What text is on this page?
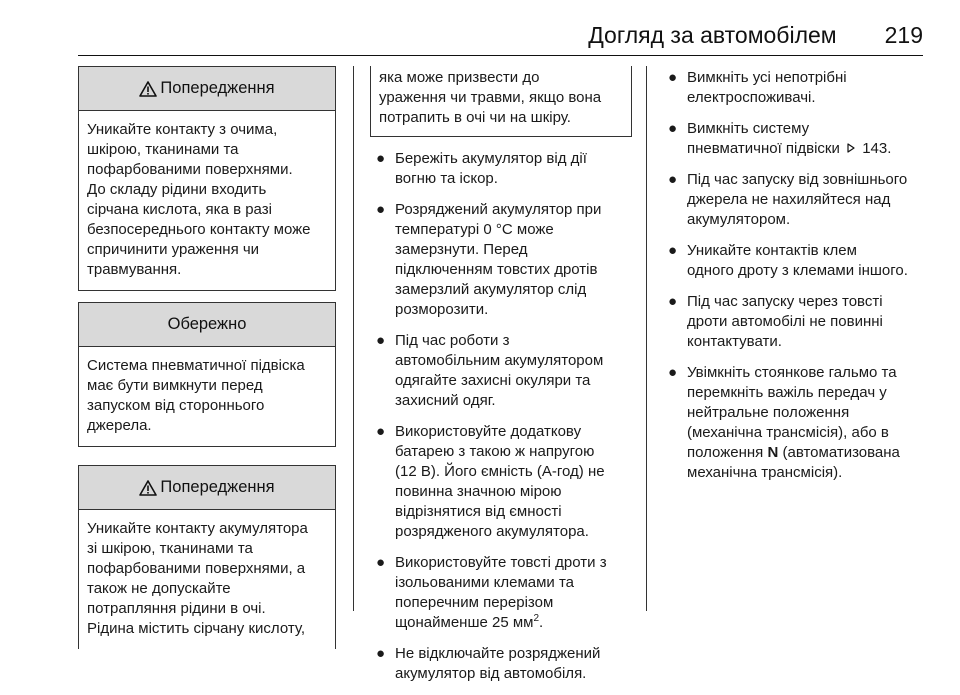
Догляд за автомобілем 219
Попередження

Уникайте контакту з очима,

шкірою, тканинами та

пофарбованими поверхнями.

До складу рідини входить

сірчана кислота, яка в разі

безпосереднього контакту може

спричинити ураження чи

травмування.

Обережно

Система пневматичної підвіска

має бути вимкнути перед

запуском від стороннього

джерела.

Попередження

Уникайте контакту акумулятора

зі шкірою, тканинами та

пофарбованими поверхнями, а

також не допускайте

потрапляння рідини в очі.

Рідина містить сірчану кислоту,

яка може призвести до

ураження чи травми, якщо вона

потрапить в очі чи на шкіру.

● Бережіть акумулятор від дії
вогню та іскор.
● Розряджений акумулятор при
температурі 0 °C може
замерзнути. Перед
підключенням товстих дротів
замерзлий акумулятор слід
розморозити.
● Під час роботи з
автомобільним акумулятором
одягайте захисні окуляри та
захисний одяг.
● Використовуйте додаткову
батарею з такою ж напругою
(12 В). Його ємність (А-год) не
повинна значною мірою
відрізнятися від ємності
розрядженого акумулятора.
● Використовуйте товсті дроти з
ізольованими клемами та
поперечним перерізом
щонайменше 25 $мм^2$.
● Не відключайте розряджений
акумулятор від автомобіля.
● Вимкніть усі непотрібні
електроспоживачі.
● Вимкніть систему
пневматичної підвіски 143.
● Під час запуску від зовнішнього
джерела не нахиляйтеся над
акумулятором.
● Уникайте контактів клем
одного дроту з клемами іншого.
● Під час запуску через товсті
дроти автомобілі не повинні
контактувати.
● Увімкніть стоянкове гальмо та
перемкніть важіль передач у
нейтральне положення
(механічна трансмісія), або в
положення N (автоматизована
механічна трансмісія).
